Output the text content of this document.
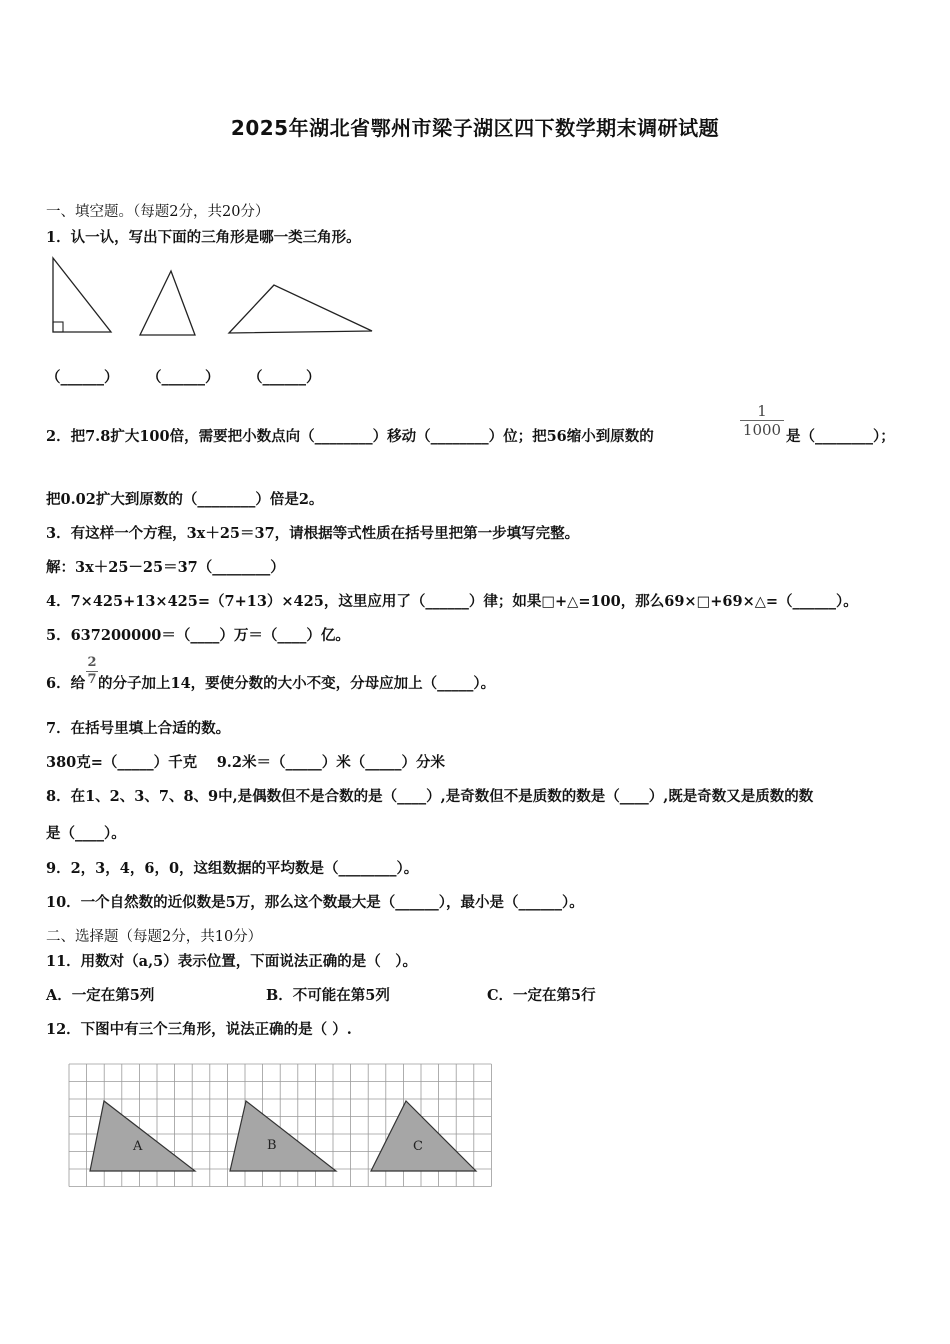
2025年湖北省鄂州市梁子湖区四下数学期末调研试题
一、填空题。（每题2分，共20分）
1．认一认，写出下面的三角形是哪一类三角形。
（______） （______） （______）
2．把7.8扩大100倍，需要把小数点向（________）移动（________）位；把56缩小到原数的
1
1000 是（________）；
把0.02扩大到原数的（________）倍是2。
3．有这样一个方程，3x＋25＝37，请根据等式性质在括号里把第一步填写完整。
解：3x＋25－25＝37（________）
4．7×425+13×425=（7+13）×425，这里应用了（______）律；如果□+△=100，那么69×□+69×△=（______）。
5．637200000＝（____）万＝（____）亿。
6．给
2
7 的分子加上14，要使分数的大小不变，分母应加上（_____）。
7．在括号里填上合适的数。
380克=（_____）千克　 9.2米＝（_____）米（_____）分米
8．在1、2、3、7、8、9中,是偶数但不是合数的是（____）,是奇数但不是质数的数是（____）,既是奇数又是质数的数
是（____）。
9．2，3，4，6，0，这组数据的平均数是（________）。
10．一个自然数的近似数是5万，那么这个数最大是（______），最小是（______）。
二、选择题（每题2分，共10分）
11．用数对（a,5）表示位置，下面说法正确的是（　）。
A．一定在第5列	B．不可能在第5列	C．一定在第5行
12．下图中有三个三角形，说法正确的是（ ）.
A	B	C
